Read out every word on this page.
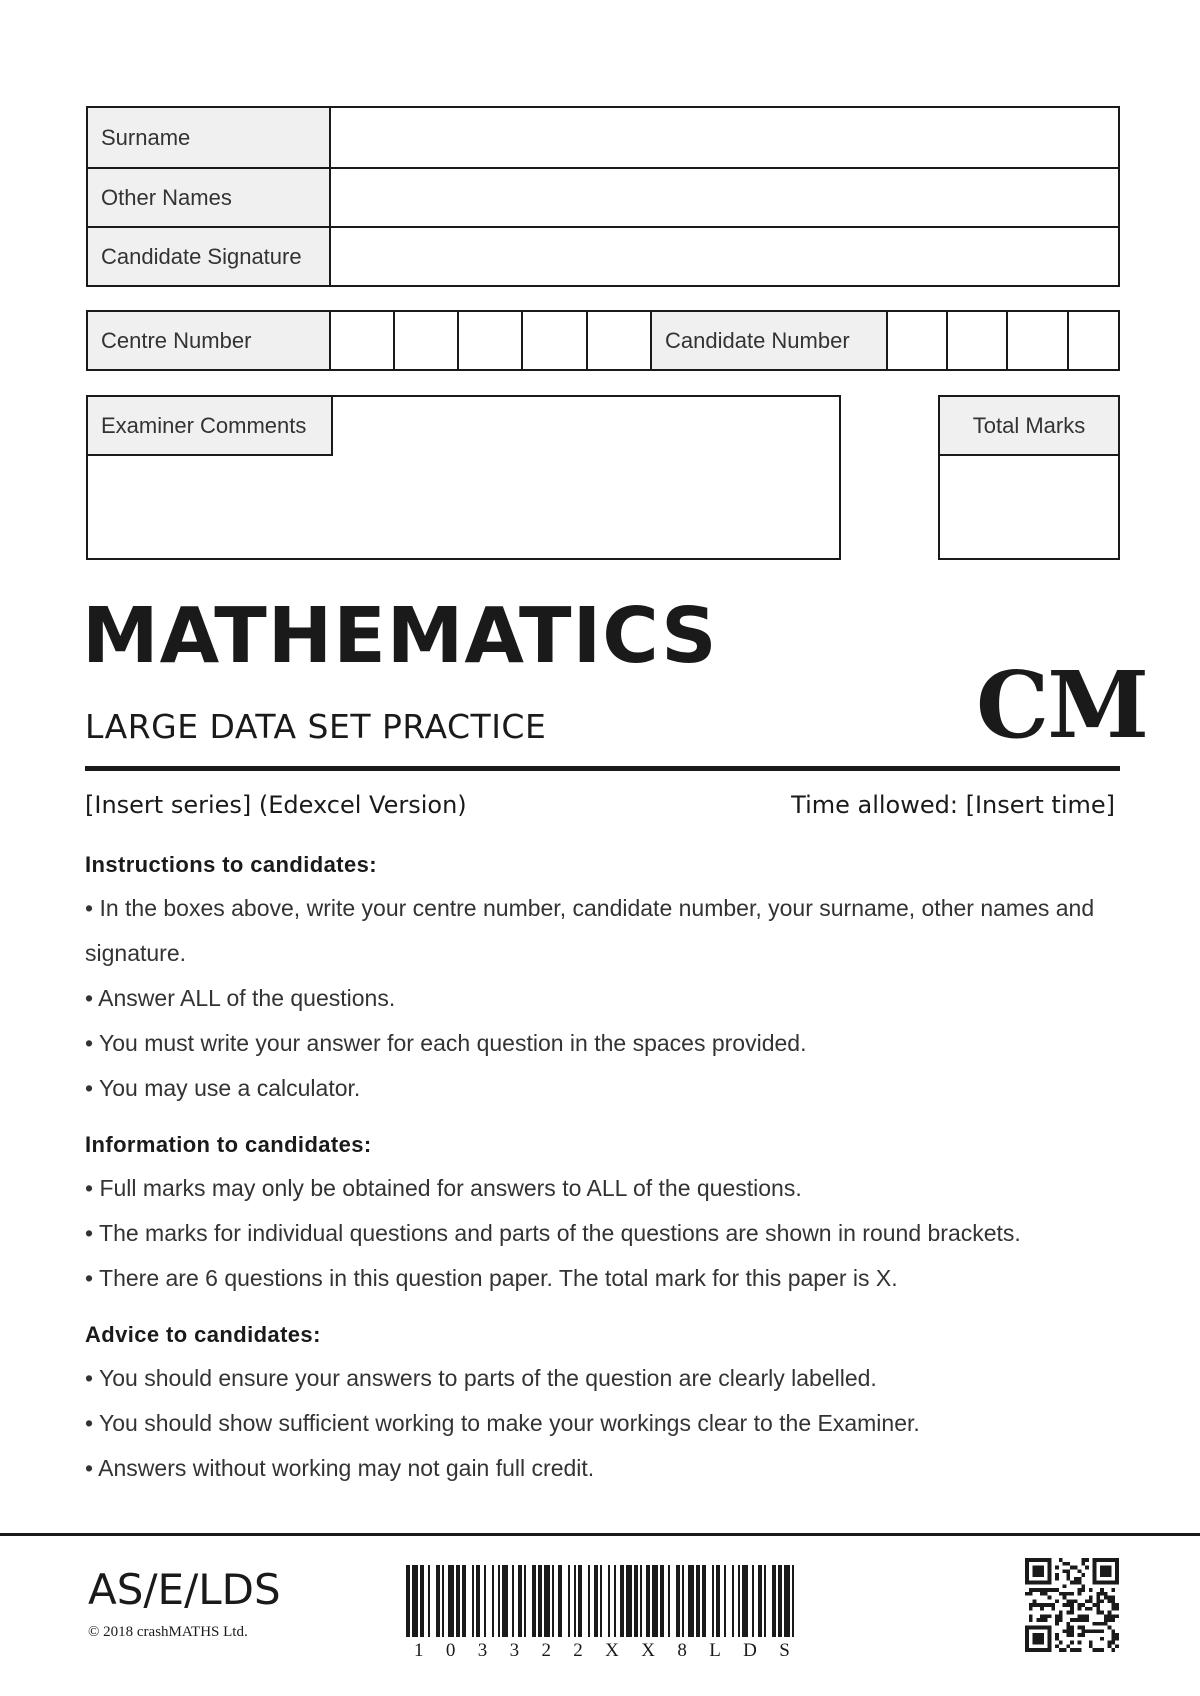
Surname
Other Names
Candidate Signature
Centre Number	Candidate Number
Examiner Comments	Total Marks
MATHEMATICS
LARGE DATA SET PRACTICE	CM
[Insert series] (Edexcel Version)	Time allowed: [Insert time]
Instructions to candidates:
• In the boxes above, write your centre number, candidate number, your surname, other names and signature.
• Answer ALL of the questions.
• You must write your answer for each question in the spaces provided.
• You may use a calculator.
Information to candidates:
• Full marks may only be obtained for answers to ALL of the questions.
• The marks for individual questions and parts of the questions are shown in round brackets.
• There are 6 questions in this question paper. The total mark for this paper is X.
Advice to candidates:
• You should ensure your answers to parts of the question are clearly labelled.
• You should show sufficient working to make your workings clear to the Examiner.
• Answers without working may not gain full credit.
AS/E/LDS
© 2018 crashMATHS Ltd.
1 0 3 3 2 2 X X 8 L D S
